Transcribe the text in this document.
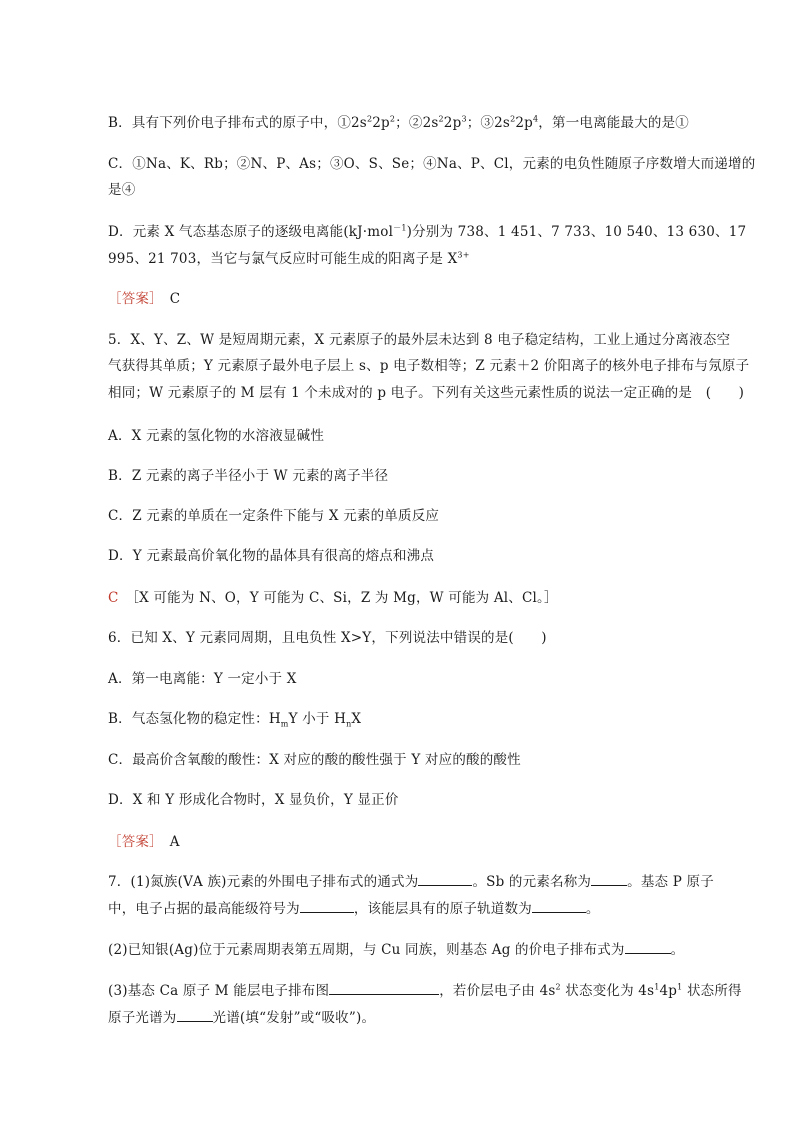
B．具有下列价电子排布式的原子中，$①2s^22p^2$；$②2s^22p^3$；$③2s^22p^4$，第一电离能最大的是①
C．①Na、K、Rb；②N、P、As；③O、S、Se；④Na、P、Cl，元素的电负性随原子序数增大而递增的
是④
D．元素 X 气态基态原子的逐级电离能(kJ·mol$^{-1}$)分别为 738、1 451、7 733、10 540、13 630、17
995、21 703，当它与氯气反应时可能生成的阳离子是 $X^{3+}$
［答案］　 C
5．X、Y、Z、W 是短周期元素，X 元素原子的最外层未达到 8 电子稳定结构，工业上通过分离液态空
气获得其单质；Y 元素原子最外电子层上 s、p 电子数相等；Z 元素＋2 价阳离子的核外电子排布与氖原子
相同；W 元素原子的 M 层有 1 个未成对的 p 电子。下列有关这些元素性质的说法一定正确的是　(　　)
A．X 元素的氢化物的水溶液显碱性
B．Z 元素的离子半径小于 W 元素的离子半径
C．Z 元素的单质在一定条件下能与 X 元素的单质反应
D．Y 元素最高价氧化物的晶体具有很高的熔点和沸点
C　 ［X 可能为 N、O，Y 可能为 C、Si，Z 为 Mg，W 可能为 Al、Cl。］
6．已知 X、Y 元素同周期，且电负性 X>Y，下列说法中错误的是(　　)
A．第一电离能：Y 一定小于 X
B．气态氢化物的稳定性：$H_mY$ 小于 $H_nX$
C．最高价含氧酸的酸性：X 对应的酸的酸性强于 Y 对应的酸的酸性
D．X 和 Y 形成化合物时，X 显负价，Y 显正价
［答案］　 A
7．(1)氮族(ⅤA 族)元素的外围电子排布式的通式为	。Sb 的元素名称为	。基态 P 原子
中，电子占据的最高能级符号为	，该能层具有的原子轨道数为	。
(2)已知银(Ag)位于元素周期表第五周期，与 Cu 同族，则基态 Ag 的价电子排布式为	。
(3)基态 Ca 原子 M 能层电子排布图	，若价层电子由 $4s^2$ 状态变化为 $4s^14p^1$ 状态所得
原子光谱为	光谱(填“发射”或“吸收”)。
